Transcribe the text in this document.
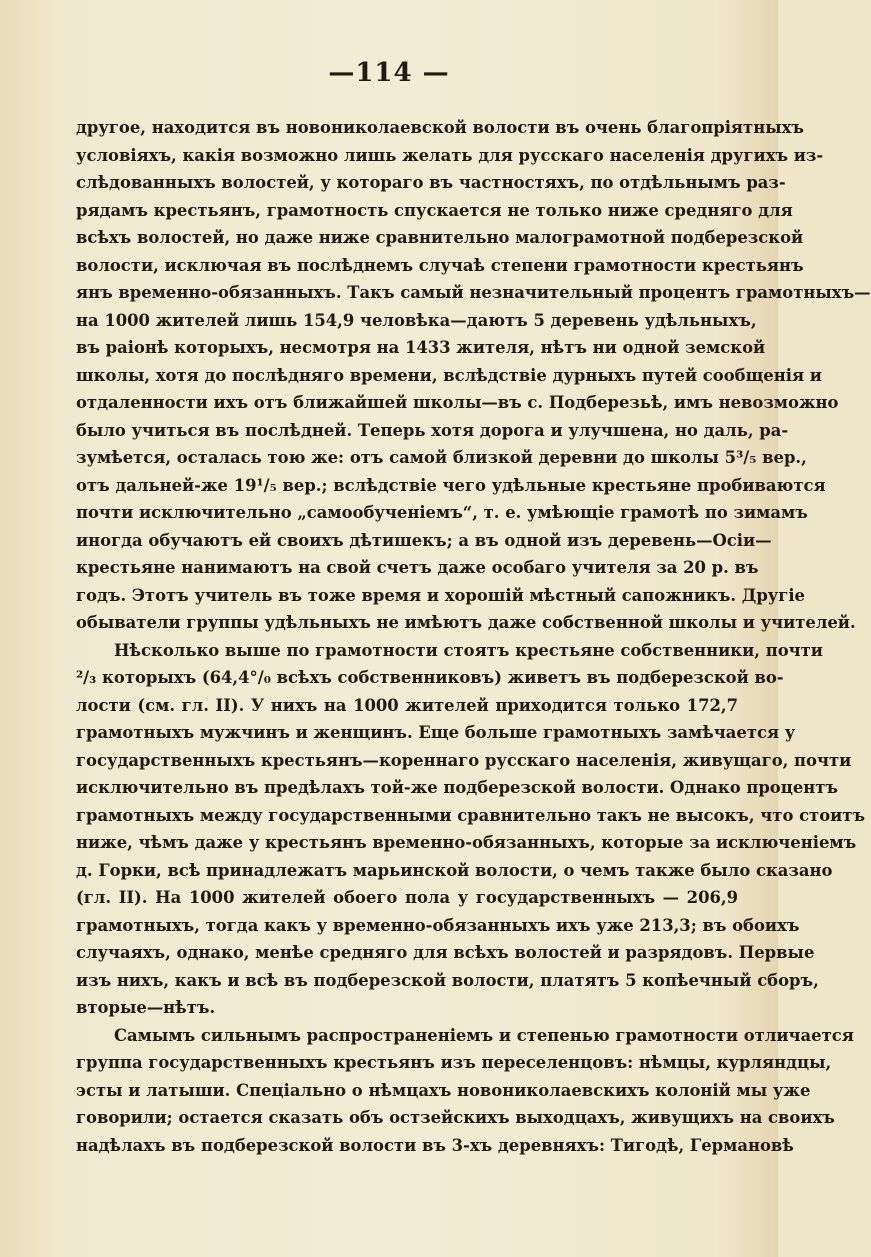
—114 —
другое, находится въ новониколаевской волости въ очень благопріятныхъ
условіяхъ, какія возможно лишь желать для русскаго населенія другихъ из-
слѣдованныхъ волостей, у котораго въ частностяхъ, по отдѣльнымъ раз-
рядамъ крестьянъ, грамотность спускается не только ниже средняго для
всѣхъ волостей, но даже ниже сравнительно малограмотной подберезской
волости, исключая въ послѣднемъ случаѣ степени грамотности крестьянъ
янъ временно-обязанныхъ. Такъ самый незначительный процентъ грамотныхъ—
на 1000 жителей лишь 154,9 человѣка—даютъ 5 деревень удѣльныхъ,
въ раіонѣ которыхъ, несмотря на 1433 жителя, нѣтъ ни одной земской
школы, хотя до послѣдняго времени, вслѣдствіе дурныхъ путей сообщенія и
отдаленности ихъ отъ ближайшей школы—въ с. Подберезьѣ, имъ невозможно
было учиться въ послѣдней. Теперь хотя дорога и улучшена, но даль, ра-
зумѣется, осталась тою же: отъ самой близкой деревни до школы 5³/₅ вер.,
отъ дальней-же 19¹/₅ вер.; вслѣдствіе чего удѣльные крестьяне пробиваются
почти исключительно „самообученіемъ“, т. е. умѣющіе грамотѣ по зимамъ
иногда обучаютъ ей своихъ дѣтишекъ; а въ одной изъ деревень—Осіи—
крестьяне нанимаютъ на свой счетъ даже особаго учителя за 20 р. въ
годъ. Этотъ учитель въ тоже время и хорошій мѣстный сапожникъ. Другіе
обыватели группы удѣльныхъ не имѣютъ даже собственной школы и учителей.
Нѣсколько выше по грамотности стоятъ крестьяне собственники, почти
²/₃ которыхъ (64,4°/₀ всѣхъ собственниковъ) живетъ въ подберезской во-
лости (см. гл. II). У нихъ на 1000 жителей приходится только 172,7
грамотныхъ мужчинъ и женщинъ. Еще больше грамотныхъ замѣчается у
государственныхъ крестьянъ—кореннаго русскаго населенія, живущаго, почти
исключительно въ предѣлахъ той-же подберезской волости. Однако процентъ
грамотныхъ между государственными сравнительно такъ не высокъ, что стоитъ
ниже, чѣмъ даже у крестьянъ временно-обязанныхъ, которые за исключеніемъ
д. Горки, всѣ принадлежатъ марьинской волости, о чемъ также было сказано
(гл. II). На 1000 жителей обоего пола у государственныхъ — 206,9
грамотныхъ, тогда какъ у временно-обязанныхъ ихъ уже 213,3; въ обоихъ
случаяхъ, однако, менѣе средняго для всѣхъ волостей и разрядовъ. Первые
изъ нихъ, какъ и всѣ въ подберезской волости, платятъ 5 копѣечный сборъ,
вторые—нѣтъ.
Самымъ сильнымъ распространеніемъ и степенью грамотности отличается
группа государственныхъ крестьянъ изъ переселенцовъ: нѣмцы, курляндцы,
эсты и латыши. Спеціально о нѣмцахъ новониколаевскихъ колоній мы уже
говорили; остается сказать объ остзейскихъ выходцахъ, живущихъ на своихъ
надѣлахъ въ подберезской волости въ 3-хъ деревняхъ: Тигодѣ, Германовѣ
